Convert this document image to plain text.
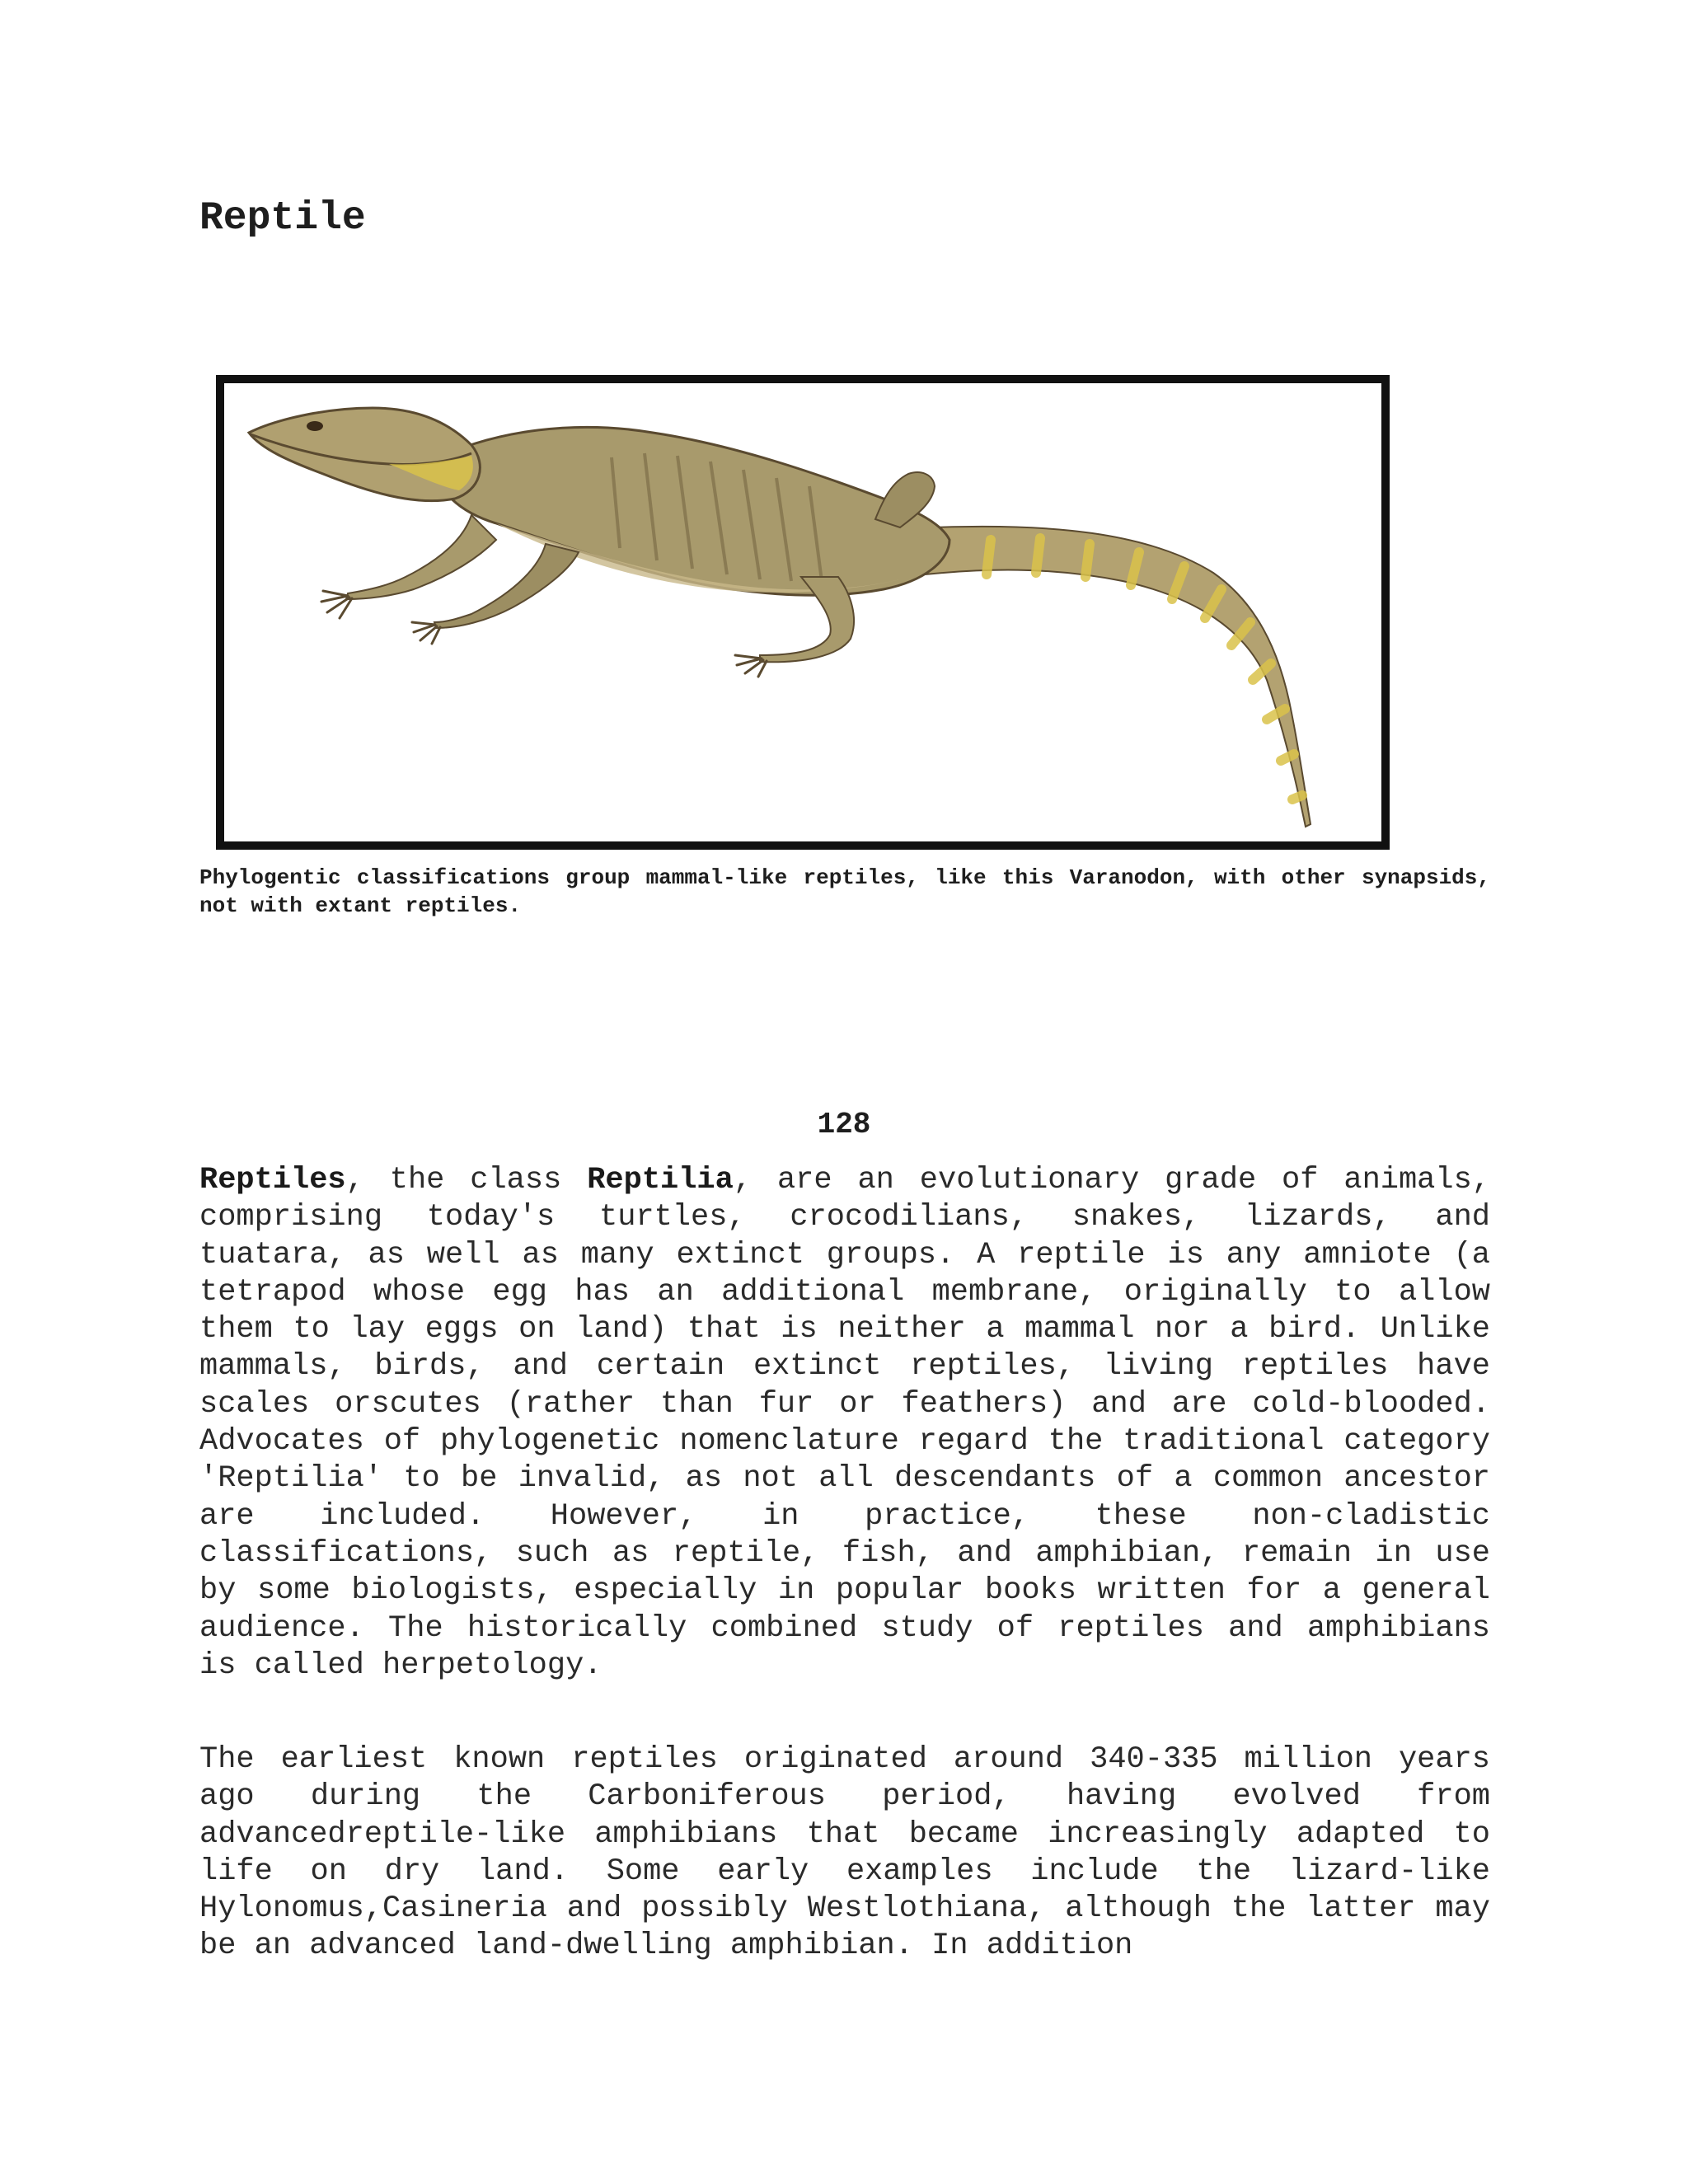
Reptile

Phylogentic classifications group mammal-like reptiles, like this Varanodon, with other synapsids, not with extant reptiles.

128

Reptiles, the class Reptilia, are an evolutionary grade of animals, comprising today's turtles, crocodilians, snakes, lizards, and tuatara, as well as many extinct groups. A reptile is any amniote (a tetrapod whose egg has an additional membrane, originally to allow them to lay eggs on land) that is neither a mammal nor a bird. Unlike mammals, birds, and certain extinct reptiles, living reptiles have scales orscutes (rather than fur or feathers) and are cold-blooded. Advocates of phylogenetic nomenclature regard the traditional category 'Reptilia' to be invalid, as not all descendants of a common ancestor are included. However, in practice, these non-cladistic classifications, such as reptile, fish, and amphibian, remain in use by some biologists, especially in popular books written for a general audience. The historically combined study of reptiles and amphibians is called herpetology.

The earliest known reptiles originated around 340-335 million years ago during the Carboniferous period, having evolved from advancedreptile-like amphibians that became increasingly adapted to life on dry land. Some early examples include the lizard-like Hylonomus,Casineria and possibly Westlothiana, although the latter may be an advanced land-dwelling amphibian. In addition
